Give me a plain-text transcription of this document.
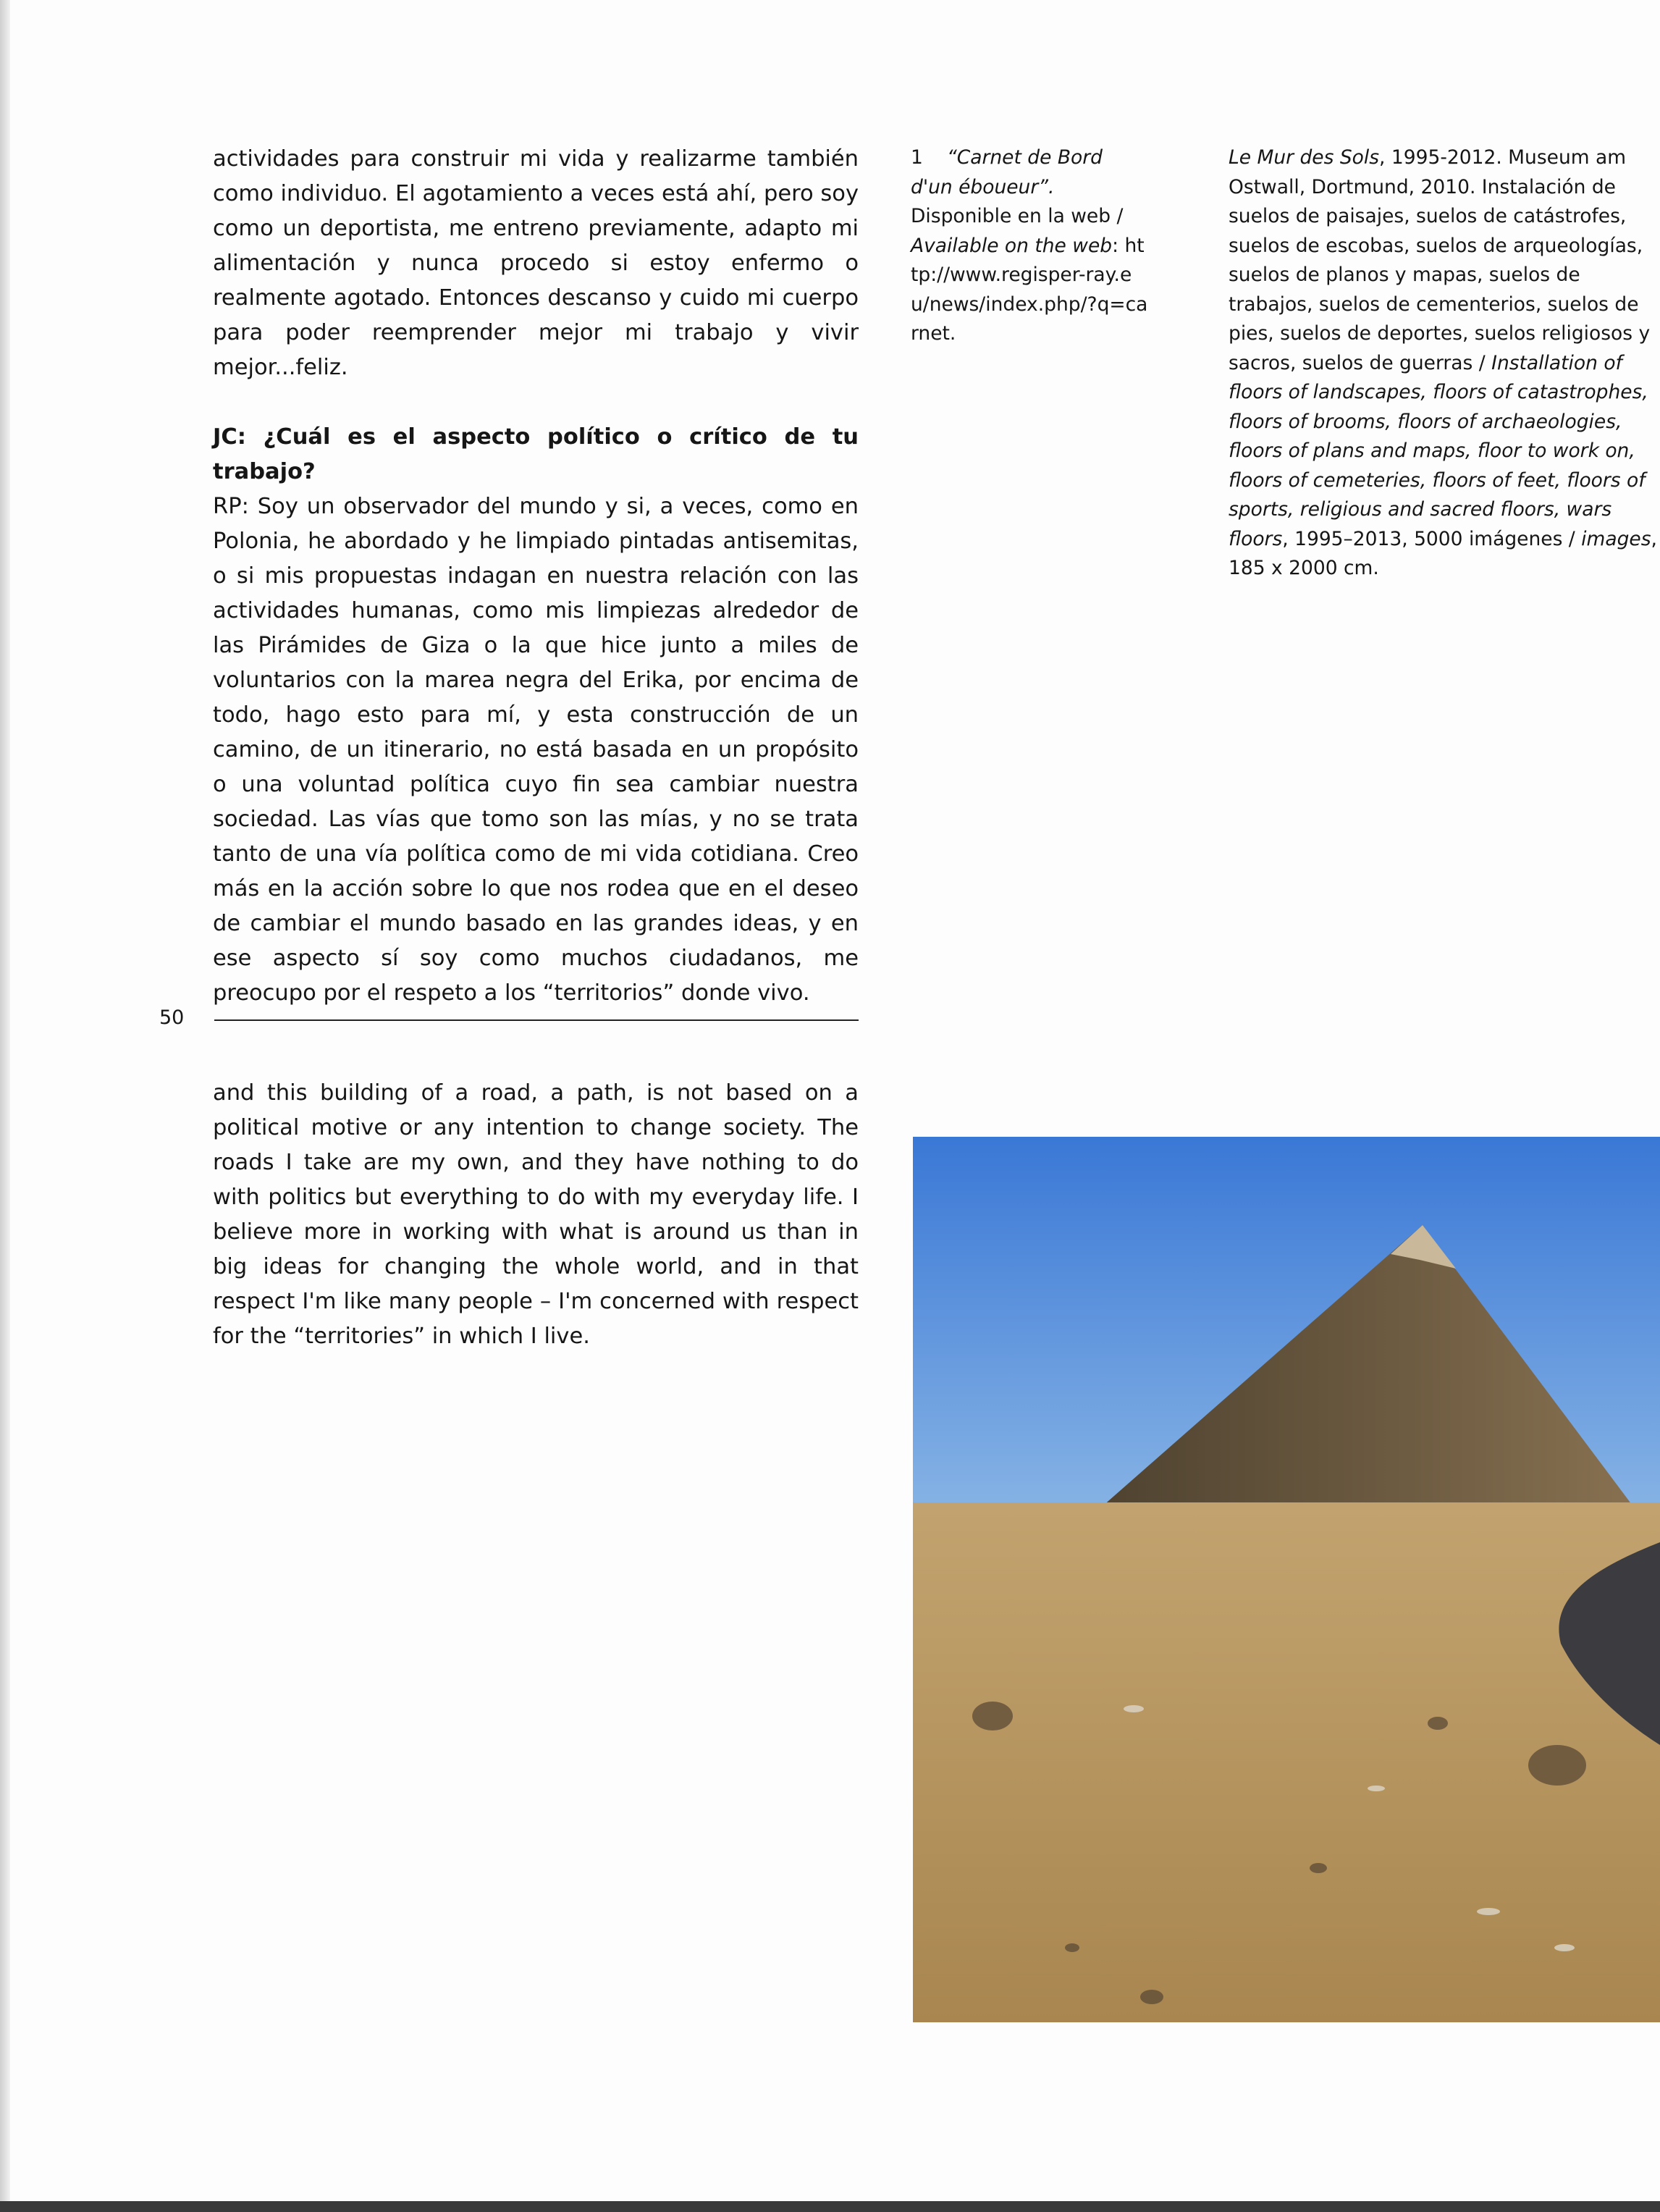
actividades para construir mi vida y realizarme también como individuo. El agotamiento a veces está ahí, pero soy como un deportista, me entreno previamente, adapto mi alimentación y nunca procedo si estoy enfermo o realmente agotado. Entonces descanso y cuido mi cuerpo para poder reemprender mejor mi trabajo y vivir mejor...feliz.

JC: ¿Cuál es el aspecto político o crítico de tu trabajo?

RP: Soy un observador del mundo y si, a veces, como en Polonia, he abordado y he limpiado pintadas antisemitas, o si mis propuestas indagan en nuestra relación con las actividades humanas, como mis limpiezas alrededor de las Pirámides de Giza o la que hice junto a miles de voluntarios con la marea negra del Erika, por encima de todo, hago esto para mí, y esta construcción de un camino, de un itinerario, no está basada en un propósito o una voluntad política cuyo fin sea cambiar nuestra sociedad. Las vías que tomo son las mías, y no se trata tanto de una vía política como de mi vida cotidiana. Creo más en la acción sobre lo que nos rodea que en el deseo de cambiar el mundo basado en las grandes ideas, y en ese aspecto sí soy como muchos ciudadanos, me preocupo por el respeto a los “territorios” donde vivo.

50

and this building of a road, a path, is not based on a political motive or any intention to change society. The roads I take are my own, and they have nothing to do with politics but everything to do with my everyday life. I believe more in working with what is around us than in big ideas for changing the whole world, and in that respect I'm like many people – I'm concerned with respect for the “territories” in which I live.

1 “Carnet de Bord d'un éboueur”.
Disponible en la web / Available on the web: http://www.regisper-ray.eu/news/index.php/?q=carnet.
Le Mur des Sols, 1995-2012. Museum am Ostwall, Dortmund, 2010. Instalación de suelos de paisajes, suelos de catástrofes, suelos de escobas, suelos de arqueologías, suelos de planos y mapas, suelos de trabajos, suelos de cementerios, suelos de pies, suelos de deportes, suelos religiosos y sacros, suelos de guerras / Installation of floors of landscapes, floors of catastrophes, floors of brooms, floors of archaeologies, floors of plans and maps, floor to work on, floors of cemeteries, floors of feet, floors of sports, religious and sacred floors, wars floors, 1995–2013, 5000 imágenes / images, 185 x 2000 cm.
